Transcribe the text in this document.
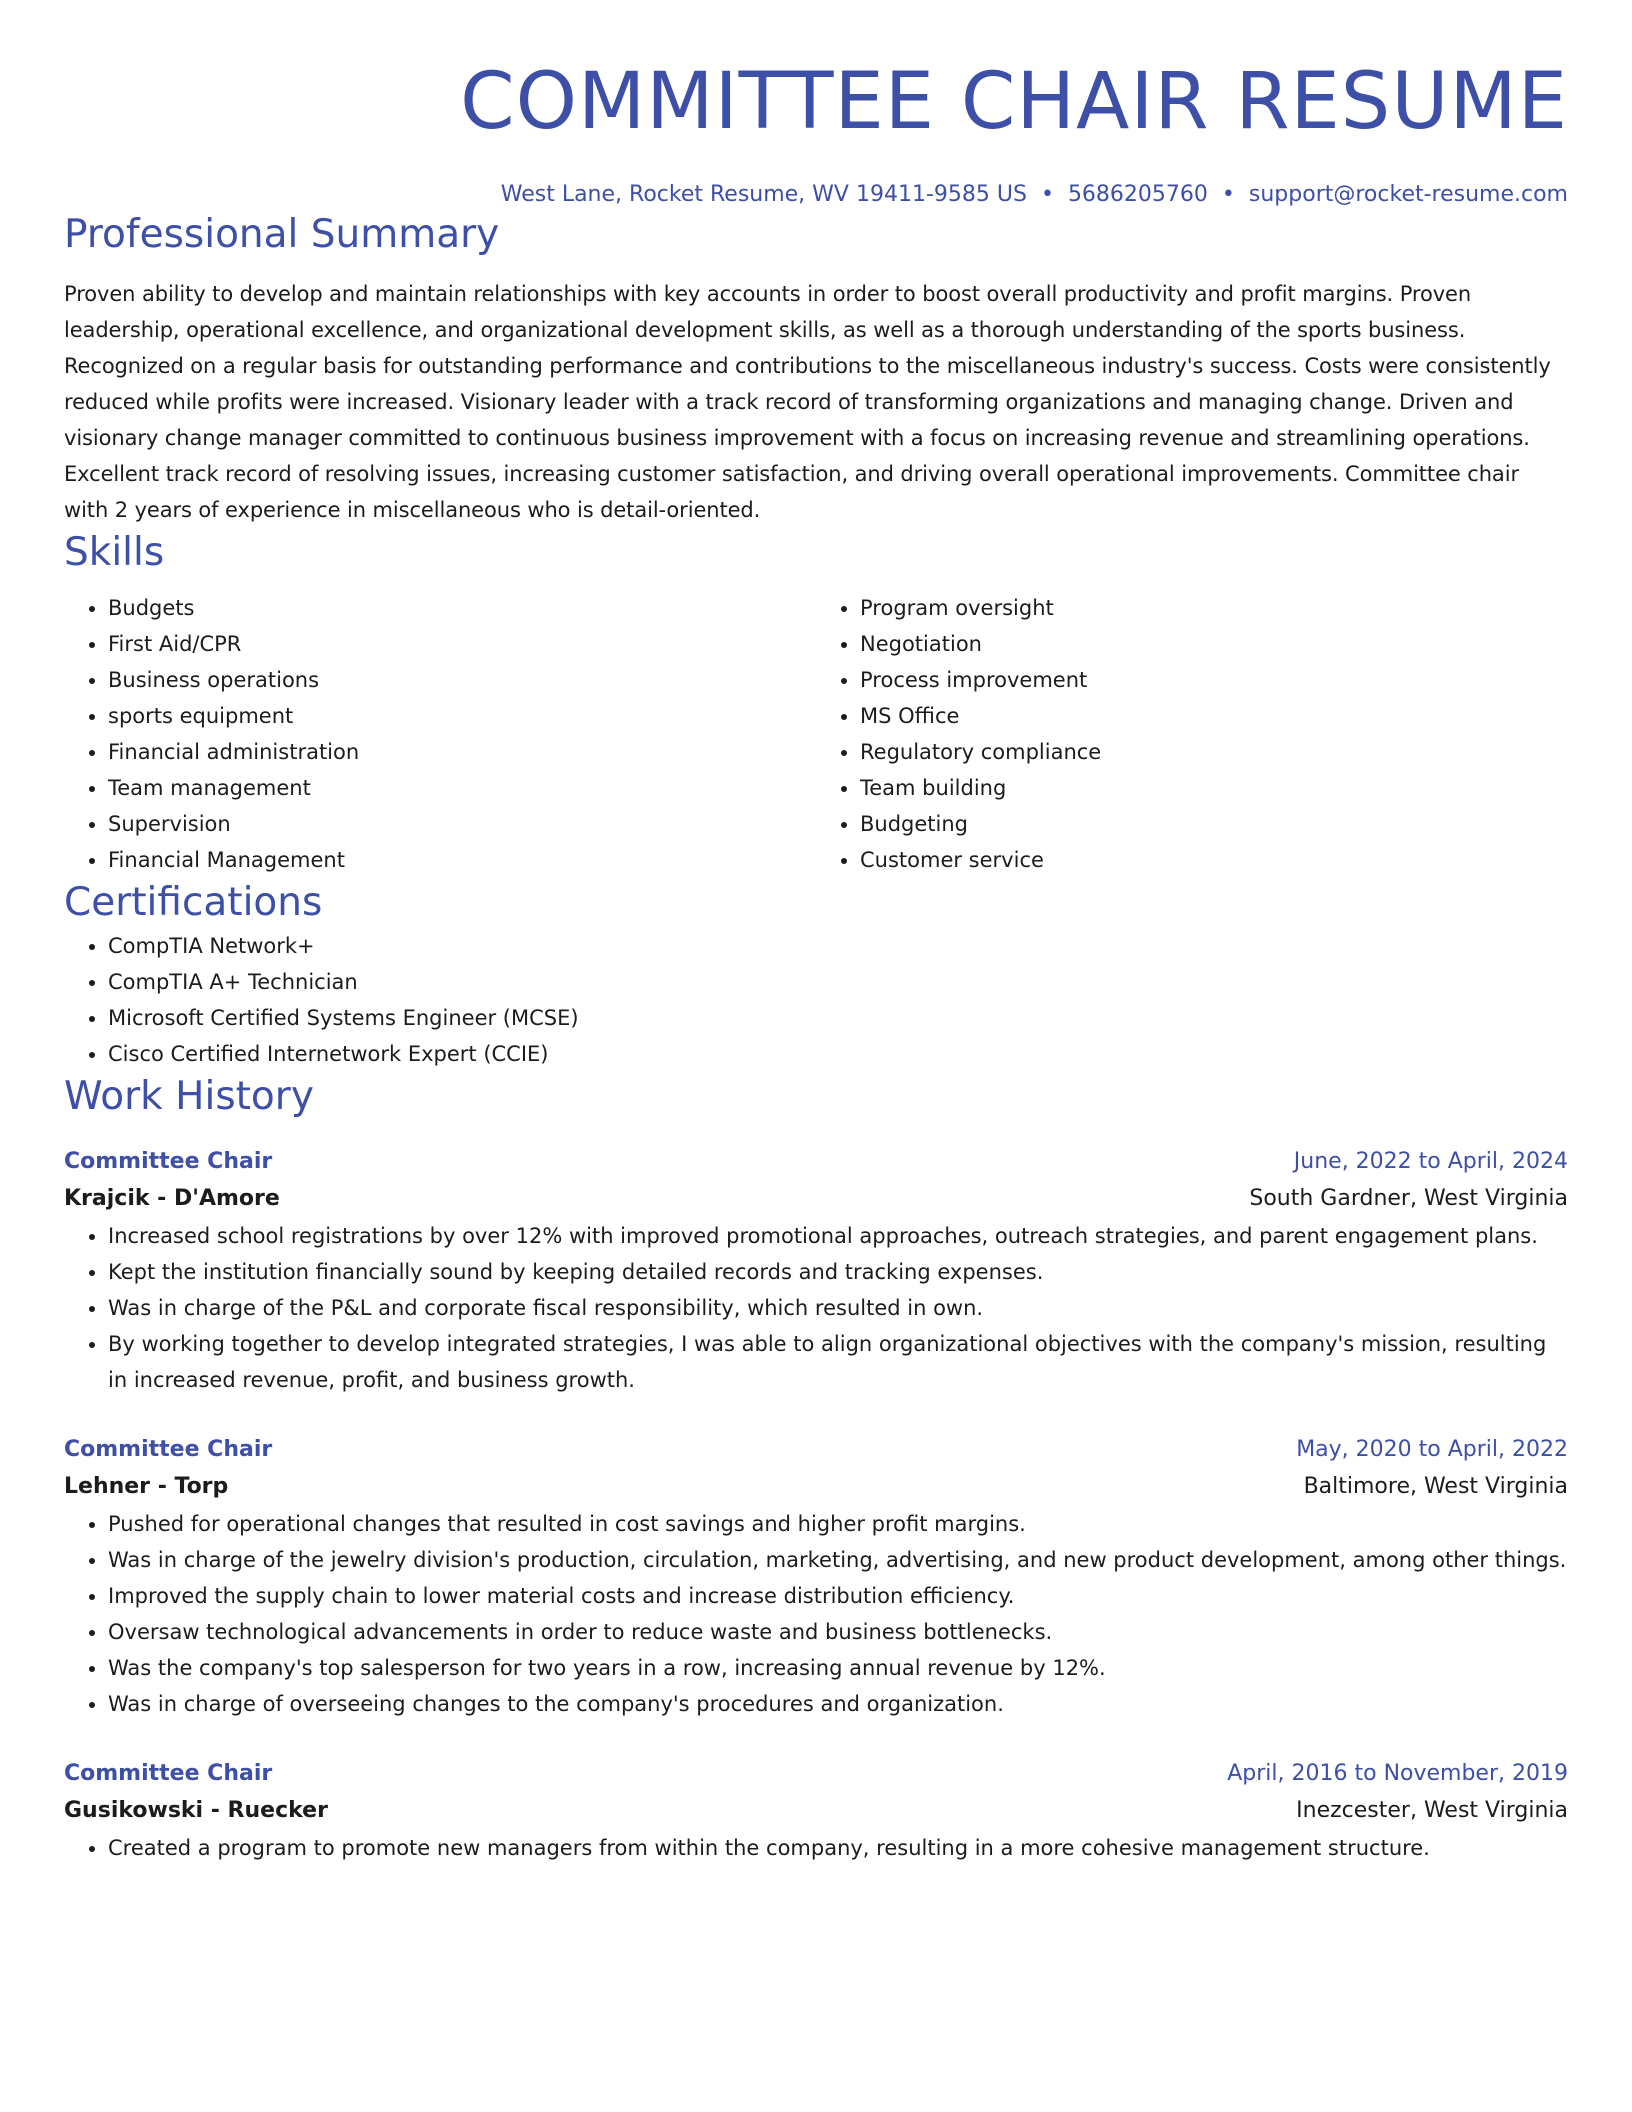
COMMITTEE CHAIR RESUME
West Lane, Rocket Resume, WV 19411-9585 US • 5686205760 • support@rocket-resume.com
Professional Summary

Proven ability to develop and maintain relationships with key accounts in order to boost overall productivity and profit margins. Proven leadership, operational excellence, and organizational development skills, as well as a thorough understanding of the sports business. Recognized on a regular basis for outstanding performance and contributions to the miscellaneous industry's success. Costs were consistently reduced while profits were increased. Visionary leader with a track record of transforming organizations and managing change. Driven and visionary change manager committed to continuous business improvement with a focus on increasing revenue and streamlining operations. Excellent track record of resolving issues, increasing customer satisfaction, and driving overall operational improvements. Committee chair with 2 years of experience in miscellaneous who is detail-oriented.

Skills
• Budgets
• First Aid/CPR
• Business operations
• sports equipment
• Financial administration
• Team management
• Supervision
• Financial Management
• Program oversight
• Negotiation
• Process improvement
• MS Office
• Regulatory compliance
• Team building
• Budgeting
• Customer service
Certifications
• CompTIA Network+
• CompTIA A+ Technician
• Microsoft Certified Systems Engineer (MCSE)
• Cisco Certified Internetwork Expert (CCIE)
Work History
Committee Chair	June, 2022 to April, 2024
Krajcik - D'Amore	South Gardner, West Virginia
• Increased school registrations by over 12% with improved promotional approaches, outreach strategies, and parent engagement plans.
• Kept the institution financially sound by keeping detailed records and tracking expenses.
• Was in charge of the P&L and corporate fiscal responsibility, which resulted in own.
• By working together to develop integrated strategies, I was able to align organizational objectives with the company's mission, resulting in increased revenue, profit, and business growth.
Committee Chair	May, 2020 to April, 2022
Lehner - Torp	Baltimore, West Virginia
• Pushed for operational changes that resulted in cost savings and higher profit margins.
• Was in charge of the jewelry division's production, circulation, marketing, advertising, and new product development, among other things.
• Improved the supply chain to lower material costs and increase distribution efficiency.
• Oversaw technological advancements in order to reduce waste and business bottlenecks.
• Was the company's top salesperson for two years in a row, increasing annual revenue by 12%.
• Was in charge of overseeing changes to the company's procedures and organization.
Committee Chair	April, 2016 to November, 2019
Gusikowski - Ruecker	Inezcester, West Virginia
• Created a program to promote new managers from within the company, resulting in a more cohesive management structure.
